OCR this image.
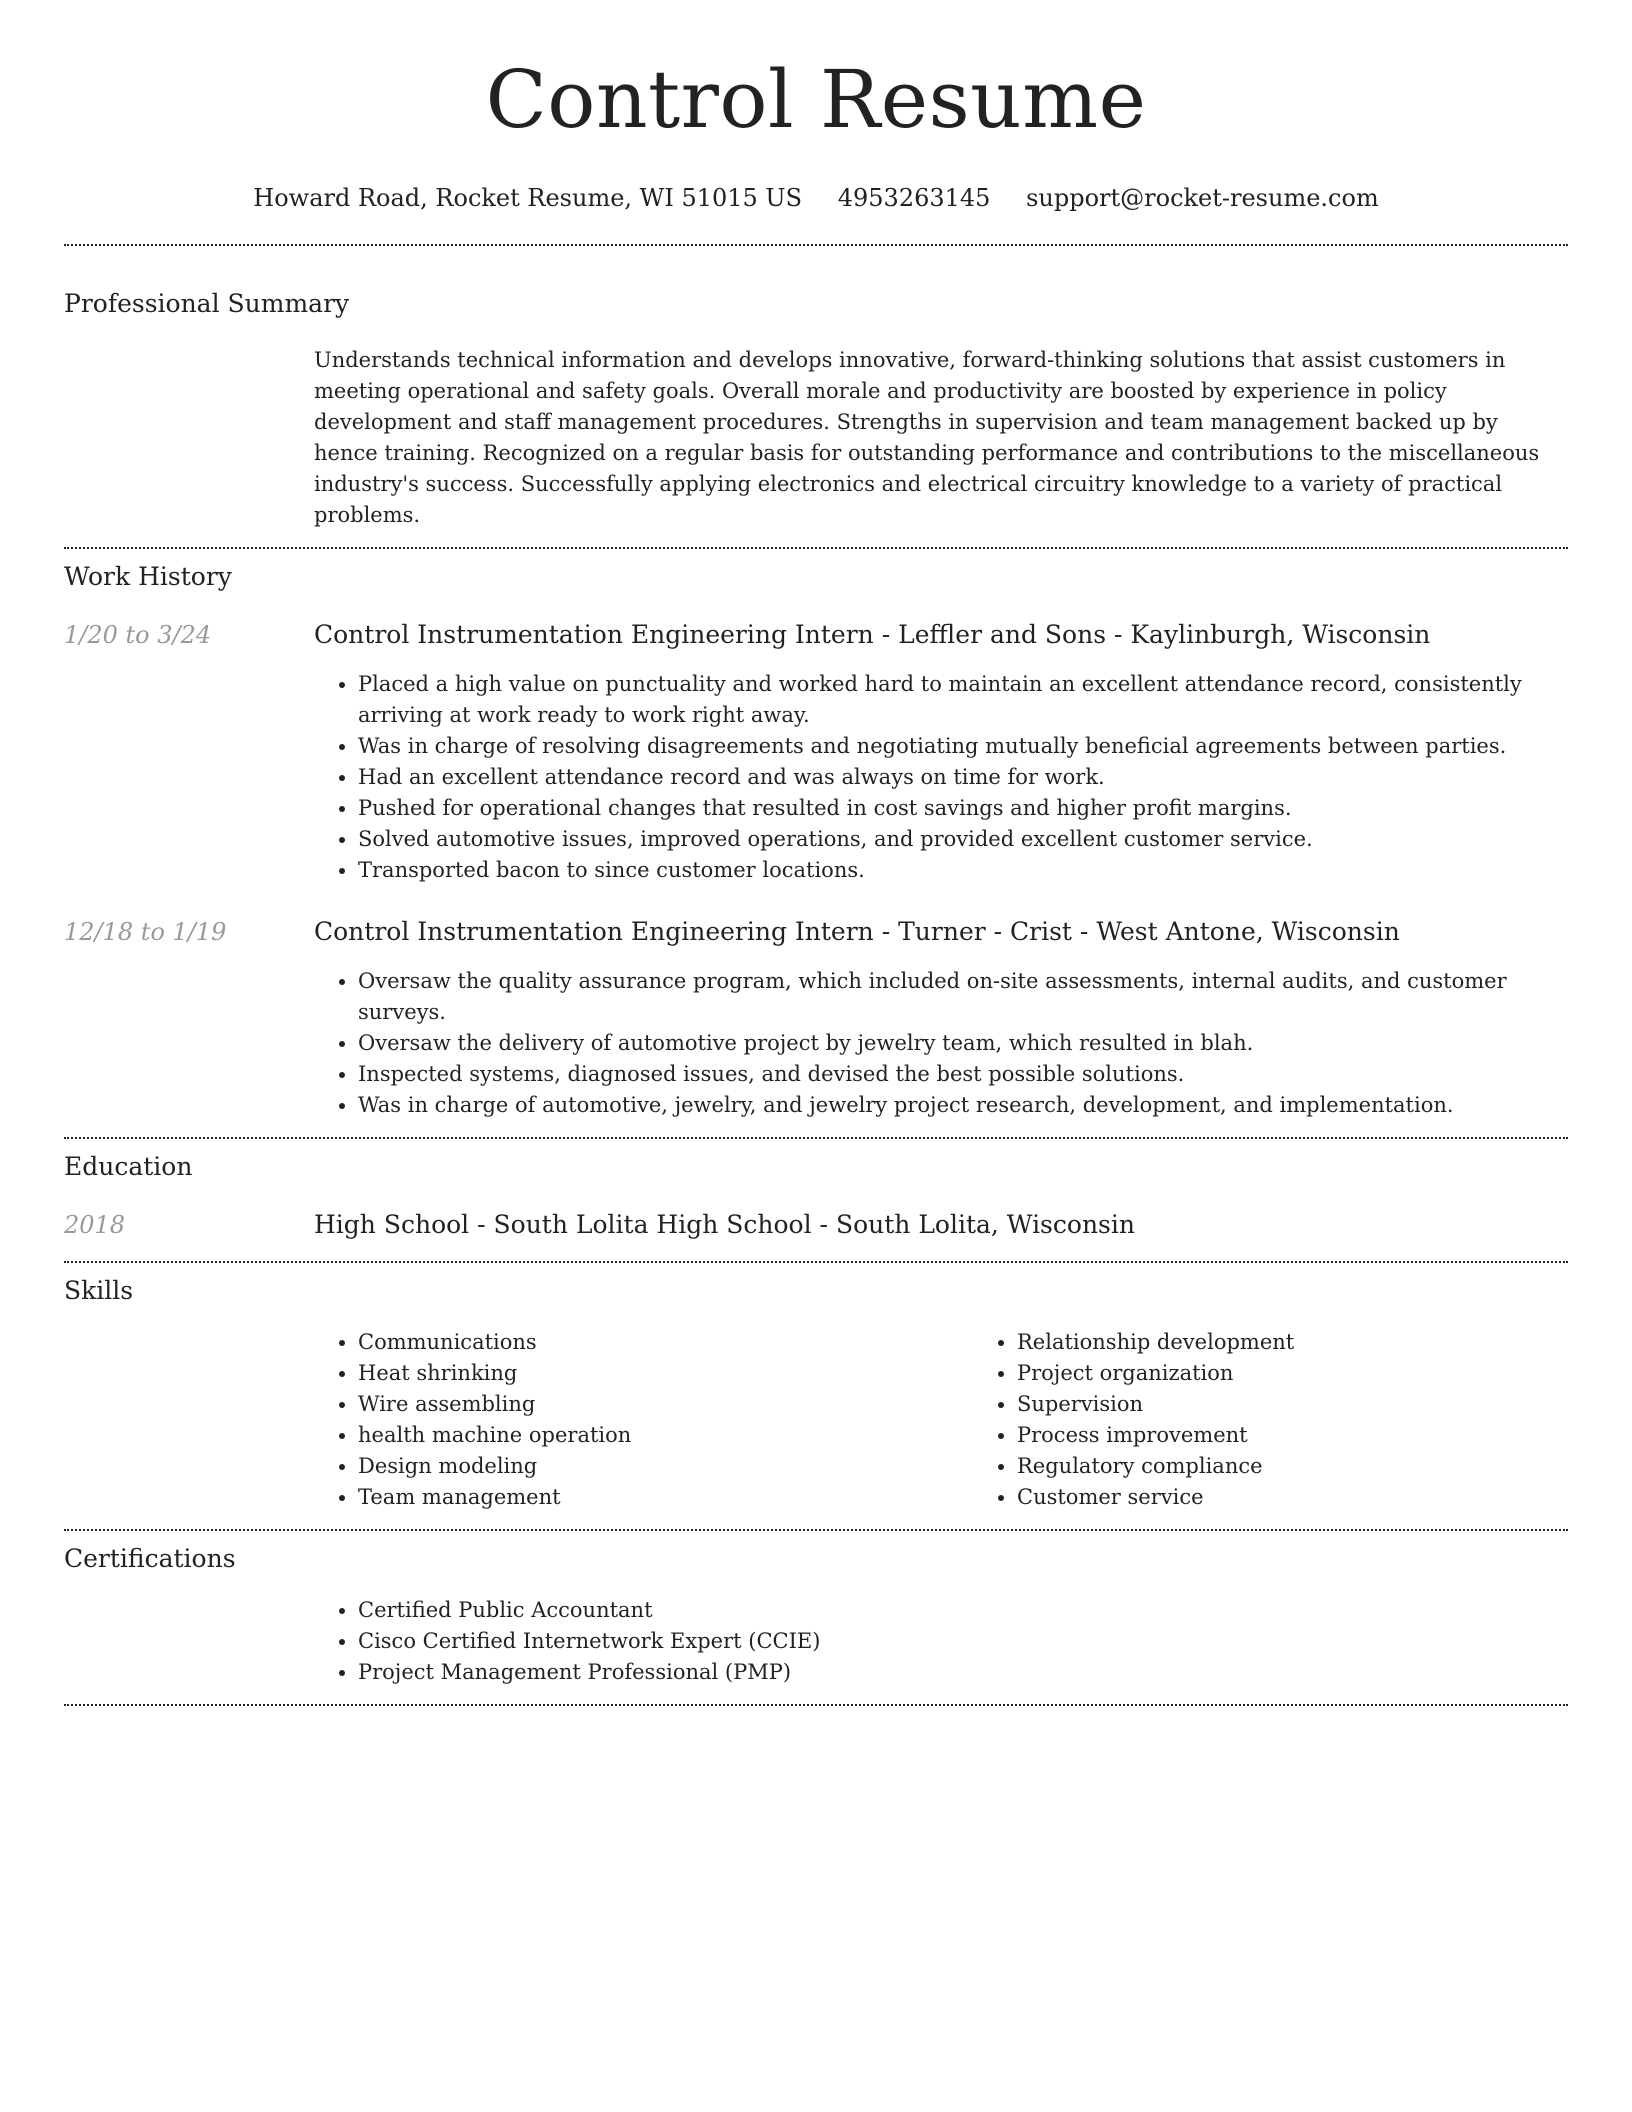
Control Resume
Howard Road, Rocket Resume, WI 51015 US 4953263145 support@rocket-resume.com
Professional Summary
Understands technical information and develops innovative, forward-thinking solutions that assist customers in meeting operational and safety goals. Overall morale and productivity are boosted by experience in policy development and staff management procedures. Strengths in supervision and team management backed up by hence training. Recognized on a regular basis for outstanding performance and contributions to the miscellaneous industry's success. Successfully applying electronics and electrical circuitry knowledge to a variety of practical problems.
Work History
1/20 to 3/24	Control Instrumentation Engineering Intern - Leffler and Sons - Kaylinburgh, Wisconsin
• Placed a high value on punctuality and worked hard to maintain an excellent attendance record, consistently arriving at work ready to work right away.
• Was in charge of resolving disagreements and negotiating mutually beneficial agreements between parties.
• Had an excellent attendance record and was always on time for work.
• Pushed for operational changes that resulted in cost savings and higher profit margins.
• Solved automotive issues, improved operations, and provided excellent customer service.
• Transported bacon to since customer locations.
12/18 to 1/19	Control Instrumentation Engineering Intern - Turner - Crist - West Antone, Wisconsin
• Oversaw the quality assurance program, which included on-site assessments, internal audits, and customer surveys.
• Oversaw the delivery of automotive project by jewelry team, which resulted in blah.
• Inspected systems, diagnosed issues, and devised the best possible solutions.
• Was in charge of automotive, jewelry, and jewelry project research, development, and implementation.
Education
2018	High School - South Lolita High School - South Lolita, Wisconsin
Skills
• Communications
• Heat shrinking
• Wire assembling
• health machine operation
• Design modeling
• Team management
• Relationship development
• Project organization
• Supervision
• Process improvement
• Regulatory compliance
• Customer service
Certifications
• Certified Public Accountant
• Cisco Certified Internetwork Expert (CCIE)
• Project Management Professional (PMP)
